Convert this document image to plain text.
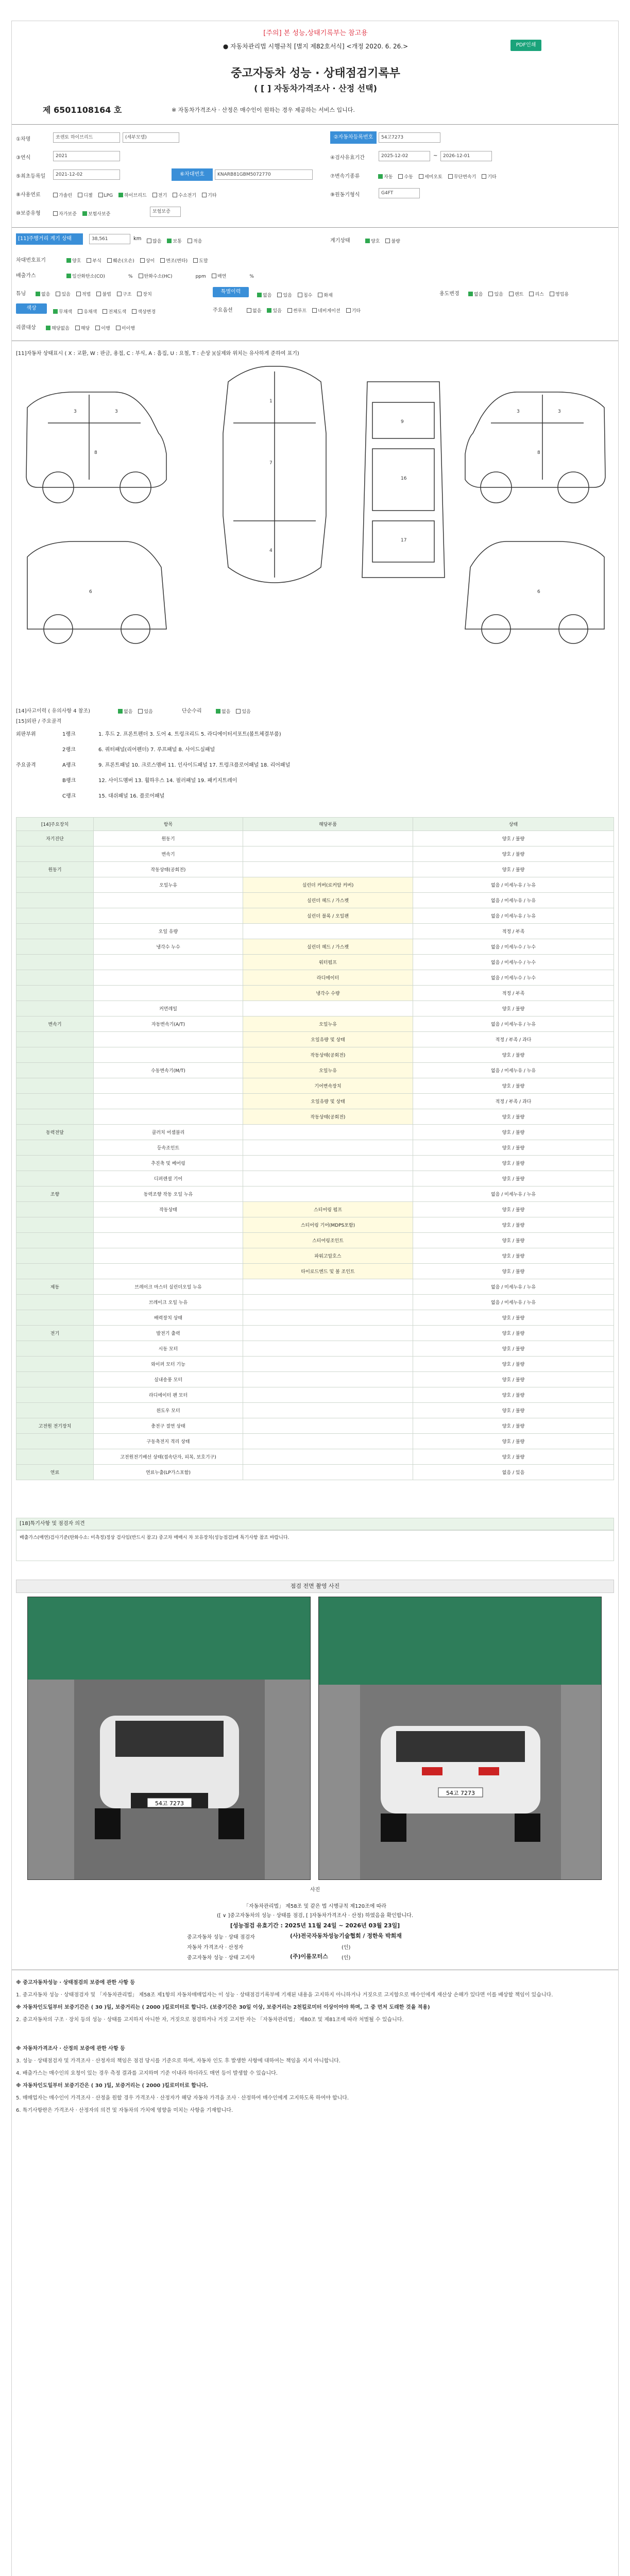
[주의] 본 성능,상태기록부는 참고용
● 자동차관리법 시행규칙 [별지 제82호서식] <개정 2020. 6. 26.>	PDF인쇄
중고자동차 성능 · 상태점검기록부
( [ ] 자동차가격조사 · 산정 선택)
제 6501108164 호	※ 자동차가격조사 · 산정은 매수인이 원하는 경우 제공하는 서비스 입니다.
①차명	쏘렌토 하이브리드	(세부모델)	②자동차등록번호	54고7273
③연식	2021	④검사유효기간	2025-12-02	~	2026-12-01
⑤최초등록일	2021-12-02	⑥차대번호	KNARB81GBM5072770	⑦변속기종류	자동 수동 세미오토 무단변속기 기타
⑧사용연료	가솔린 디젤 LPG 하이브리드 전기 수소전기 기타	⑨원동기형식	G4FT
⑩보증유형	자가보증 보험사보증	보험보증
[11]주행거리 계기 상태	38,561	km	많음 보통 적음	계기상태	양호 불량
차대번호표기	양호 부식 훼손(오손) 상이 변조(변타) 도말
배출가스	일산화탄소(CO)	% 탄화수소(HC)	ppm 매연	%
튜닝	없음 있음 적법 불법 구조 장치	특별이력
없음 있음 침수 화재	용도변경	없음 있음 렌트 리스 영업용
색상
무채색 유채색 전체도색 색상변경	주요옵션	없음 있음 썬루프 네비게이션 기타
리콜대상	해당없음 해당 이행 미이행
[11]자동차 상태표시 ( X : 교환, W : 판금, 용접, C : 부식, A : 흠집, U : 요철, T : 손상 )(실제와 위치는 유사하게 준하여 표기)
3	3
8
1
7
4
9
16
17
3
3
8
6	6
[14]사고이력 ( 유의사항 4 참조)	없음 있음	단순수리	없음 있음
[15]외판 / 주요골격
외판부위	1랭크	1. 후드 2. 프론트펜더 3. 도어 4. 트렁크리드 5. 라디에이터서포트(볼트체결부품)
2랭크	6. 쿼터패널(리어펜더) 7. 루프패널 8. 사이드실패널
주요골격	A랭크	9. 프론트패널 10. 크로스멤버 11. 인사이드패널 17. 트렁크플로어패널 18. 리어패널
B랭크	12. 사이드멤버 13. 휠하우스 14. 필러패널 19. 패키지트레이
C랭크	15. 대쉬패널 16. 플로어패널
[14]주요장치	항목	해당부품	상태
자기진단	원동기		양호 / 불량
	변속기		양호 / 불량
원동기	작동상태(공회전)		양호 / 불량
	오일누유	실린더 커버(로커암 커버)	없음 / 미세누유 / 누유
		실린더 헤드 / 가스켓	없음 / 미세누유 / 누유
		실린더 블록 / 오일팬	없음 / 미세누유 / 누유
	오일 유량		적정 / 부족
	냉각수 누수	실린더 헤드 / 가스켓	없음 / 미세누수 / 누수
		워터펌프	없음 / 미세누수 / 누수
		라디에이터	없음 / 미세누수 / 누수
		냉각수 수량	적정 / 부족
	커먼레일		양호 / 불량
변속기	자동변속기(A/T)	오일누유	없음 / 미세누유 / 누유
		오일유량 및 상태	적정 / 부족 / 과다
		작동상태(공회전)	양호 / 불량
	수동변속기(M/T)	오일누유	없음 / 미세누유 / 누유
		기어변속장치	양호 / 불량
		오일유량 및 상태	적정 / 부족 / 과다
		작동상태(공회전)	양호 / 불량
동력전달	클러치 어셈블리		양호 / 불량
	등속조인트		양호 / 불량
	추진축 및 베어링		양호 / 불량
	디퍼렌셜 기어		양호 / 불량
조향	동력조향 작동 오일 누유		없음 / 미세누유 / 누유
	작동상태	스티어링 펌프	양호 / 불량
		스티어링 기어(MDPS포함)	양호 / 불량
		스티어링조인트	양호 / 불량
		파워고압호스	양호 / 불량
		타이로드엔드 및 볼 조인트	양호 / 불량
제동	브레이크 마스터 실린더오일 누유		없음 / 미세누유 / 누유
	브레이크 오일 누유		없음 / 미세누유 / 누유
	배력장치 상태		양호 / 불량
전기	발전기 출력		양호 / 불량
	시동 모터		양호 / 불량
	와이퍼 모터 기능		양호 / 불량
	실내송풍 모터		양호 / 불량
	라디에이터 팬 모터		양호 / 불량
	윈도우 모터		양호 / 불량
고전원 전기장치	충전구 절연 상태		양호 / 불량
	구동축전지 격리 상태		양호 / 불량
	고전원전기배선 상태(접속단자, 피복, 보호기구)		양호 / 불량
연료	연료누출(LP가스포함)		없음 / 있음
[18]특기사항 및 점검자 의견
배출가스(매연)검사기준(탄화수소: 미측정)정상 검사임(반드시 참고) 중고차 매매시 차 보유장치(성능점검)에 특기사항 참조 바랍니다.
점검 전면 촬영 사진
54고 7273
54고 7273
사진
「자동차관리법」 제58조 및 같은 법 시행규칙 제120조에 따라
([ ∨ ]중고자동차의 성능 · 상태를 점검, [ ]자동차가격조사 · 산정) 하였음을 확인합니다.
[성능점검 유효기간 : 2025년 11월 24일 ~ 2026년 03월 23일]
중고자동차 성능 · 상태 점검자	(사)전국자동차성능기술협회 / 정한욱 박희재
자동차 가격조사 · 산정자	(인)
중고자동차 성능 · 상태 고지자	(주)이룸모터스	(인)
※ 중고자동차성능 · 상태점검의 보증에 관한 사항 등
1. 중고자동차 성능 · 상태점검자 및 「자동차관리법」 제58조 제1항의 자동차매매업자는 이 성능 · 상태점검기록부에 기재된 내용을 고지하지 아니하거나 거짓으로 고지함으로 매수인에게 재산상 손해가 있다면 이를 배상할 책임이 있습니다.
※ 자동차인도일부터 보증기간은 ( 30 )일, 보증거리는 ( 2000 )킬로미터로 합니다. (보증기간은 30일 이상, 보증거리는 2천킬로미터 이상이어야 하며, 그 중 먼저 도래한 것을 적용)
2. 중고자동차의 구조 · 장치 등의 성능 · 상태를 고지하지 아니한 자, 거짓으로 점검하거나 거짓 고지한 자는 「자동차관리법」 제80조 및 제81조에 따라 처벌될 수 있습니다.
※ 자동차가격조사 · 산정의 보증에 관한 사항 등
3. 성능 · 상태점검자 및 가격조사 · 산정자의 책임은 점검 당시를 기준으로 하며, 자동차 인도 후 발생한 사항에 대하여는 책임을 지지 아니합니다.
4. 배출가스는 매수인의 요청이 있는 경우 측정 결과를 고지하며 기준 이내라 하더라도 매연 등이 발생할 수 있습니다.
※ 자동차인도일부터 보증기간은 ( 30 )일, 보증거리는 ( 2000 )킬로미터로 합니다.
5. 매매업자는 매수인이 가격조사 · 산정을 원할 경우 가격조사 · 산정자가 해당 자동차 가격을 조사 · 산정하여 매수인에게 고지하도록 하여야 합니다.
6. 특기사항란은 가격조사 · 산정자의 의견 및 자동차의 가치에 영향을 미치는 사항을 기재합니다.
